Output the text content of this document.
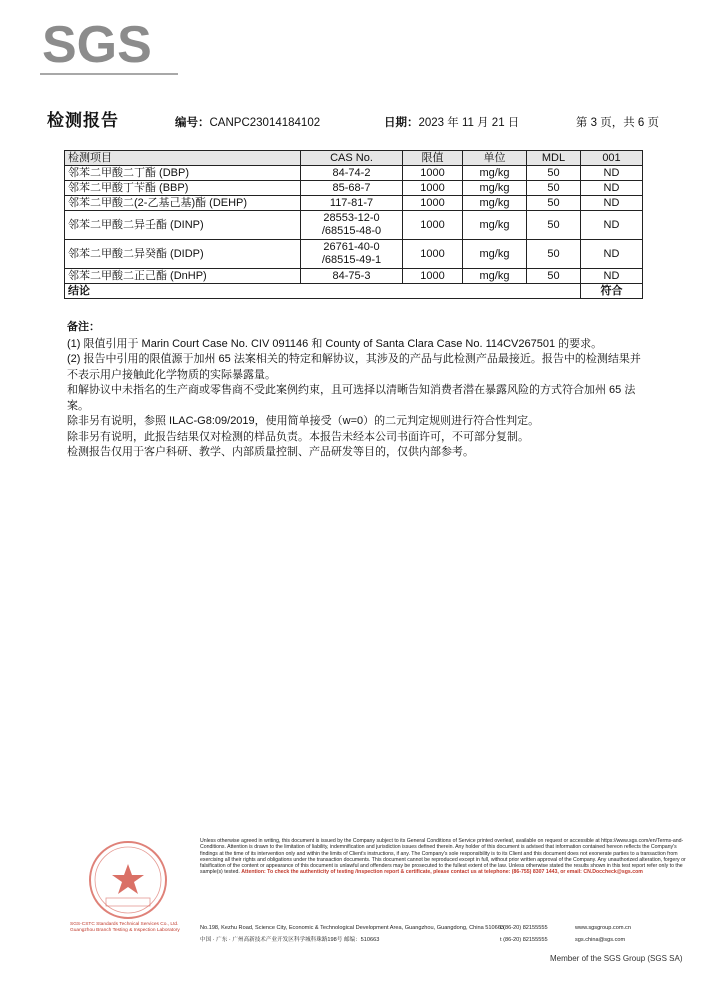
SGS
检测报告	编号：CANPC23014184102	日期：2023 年 11 月 21 日	第 3 页，共 6 页
检测项目	CAS No.	限值	单位	MDL	001
邻苯二甲酸二丁酯 (DBP)	84-74-2	1000	mg/kg	50	ND
邻苯二甲酸丁苄酯 (BBP)	85-68-7	1000	mg/kg	50	ND
邻苯二甲酸二(2-乙基己基)酯 (DEHP)	117-81-7	1000	mg/kg	50	ND
邻苯二甲酸二异壬酯 (DINP)	28553-12-0
/68515-48-0	1000	mg/kg	50	ND
邻苯二甲酸二异癸酯 (DIDP)	26761-40-0
/68515-49-1	1000	mg/kg	50	ND
邻苯二甲酸二正己酯 (DnHP)	84-75-3	1000	mg/kg	50	ND
结论					符合

备注：

(1) 限值引用于 Marin Court Case No. CIV 091146 和 County of Santa Clara Case No. 114CV267501 的要求。

(2) 报告中引用的限值源于加州 65 法案相关的特定和解协议，其涉及的产品与此检测产品最接近。报告中的检测结果并不表示用户接触此化学物质的实际暴露量。

和解协议中未指名的生产商或零售商不受此案例约束，且可选择以清晰告知消费者潜在暴露风险的方式符合加州 65 法案。

除非另有说明，参照 ILAC-G8:09/2019，使用简单接受（w=0）的二元判定规则进行符合性判定。

除非另有说明，此报告结果仅对检测的样品负责。本报告未经本公司书面许可，不可部分复制。

检测报告仅用于客户科研、教学、内部质量控制、产品研发等目的，仅供内部参考。

SGS-CSTC Standards Technical Services Co., Ltd.
Guangzhou Branch Testing & Inspection Laboratory
Unless otherwise agreed in writing, this document is issued by the Company subject to its General Conditions of Service printed overleaf, available on request or accessible at https://www.sgs.com/en/Terms-and-Conditions. Attention is drawn to the limitation of liability, indemnification and jurisdiction issues defined therein. Any holder of this document is advised that information contained hereon reflects the Company's findings at the time of its intervention only and within the limits of Client's instructions, if any. The Company's sole responsibility is to its Client and this document does not exonerate parties to a transaction from exercising all their rights and obligations under the transaction documents. This document cannot be reproduced except in full, without prior written approval of the Company. Any unauthorized alteration, forgery or falsification of the content or appearance of this document is unlawful and offenders may be prosecuted to the fullest extent of the law. Unless otherwise stated the results shown in this test report refer only to the sample(s) tested. Attention: To check the authenticity of testing /inspection report & certificate, please contact us at telephone: (86-755) 8307 1443, or email: CN.Doccheck@sgs.com
No.198, Kezhu Road, Science City, Economic & Technological Development Area, Guangzhou, Guangdong, China 510663
t (86-20) 82155555	www.sgsgroup.com.cn
中国 · 广东 · 广州高新技术产业开发区科学城科珠路198号 邮编：510663	t (86-20) 82155555	sgs.china@sgs.com
Member of the SGS Group (SGS SA)
